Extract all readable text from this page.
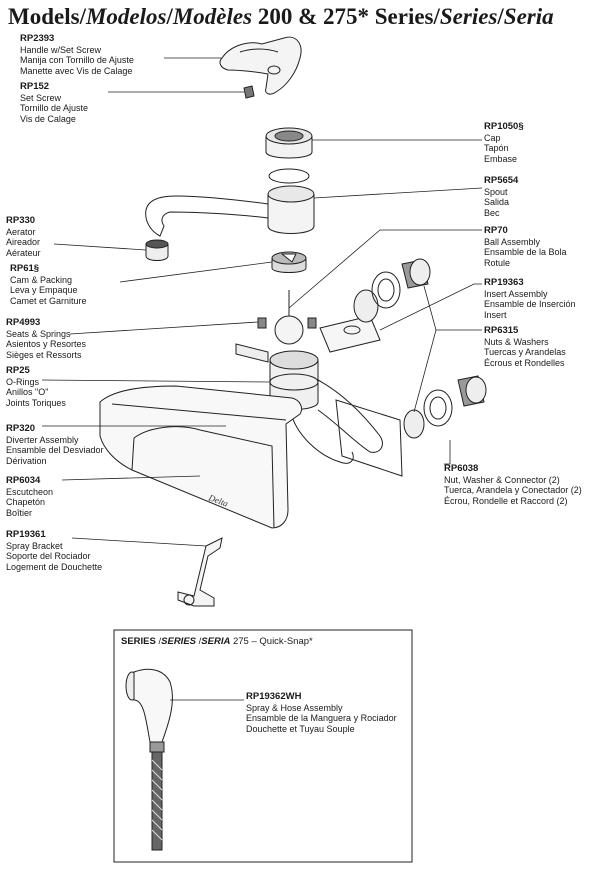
Delta
Models/Modelos/Modèles 200 & 275* Series/Series/Seria
RP2393
Handle w/Set Screw
Manija con Tornillo de Ajuste
Manette avec Vis de Calage
RP152
Set Screw
Tornillo de Ajuste
Vis de Calage
RP1050§
Cap
Tapón
Embase
RP5654
Spout
Salida
Bec
RP330
Aerator
Aireador
Aérateur
RP70
Ball Assembly
Ensamble de la Bola
Rotule
RP61§
Cam & Packing
Leva y Empaque
Camet et Garniture
RP19363
Insert Assembly
Ensamble de Inserción
Insert
RP4993
Seats & Springs
Asientos y Resortes
Sièges et Ressorts
RP6315
Nuts & Washers
Tuercas y Arandelas
Écrous et Rondelles
RP25
O-Rings
Anillos "O"
Joints Toriques
RP320
Diverter Assembly
Ensamble del Desviador
Dérivation
RP6038
Nut, Washer & Connector (2)
Tuerca, Arandela y Conectador (2)
Écrou, Rondelle et Raccord (2)
RP6034
Escutcheon
Chapetón
Boîtier
RP19361
Spray Bracket
Soporte del Rociador
Logement de Douchette
RP19362WH
Spray & Hose Assembly
Ensamble de la Manguera y Rociador
Douchette et Tuyau Souple
SERIES /SERIES /SERIA 275 – Quick-Snap*
